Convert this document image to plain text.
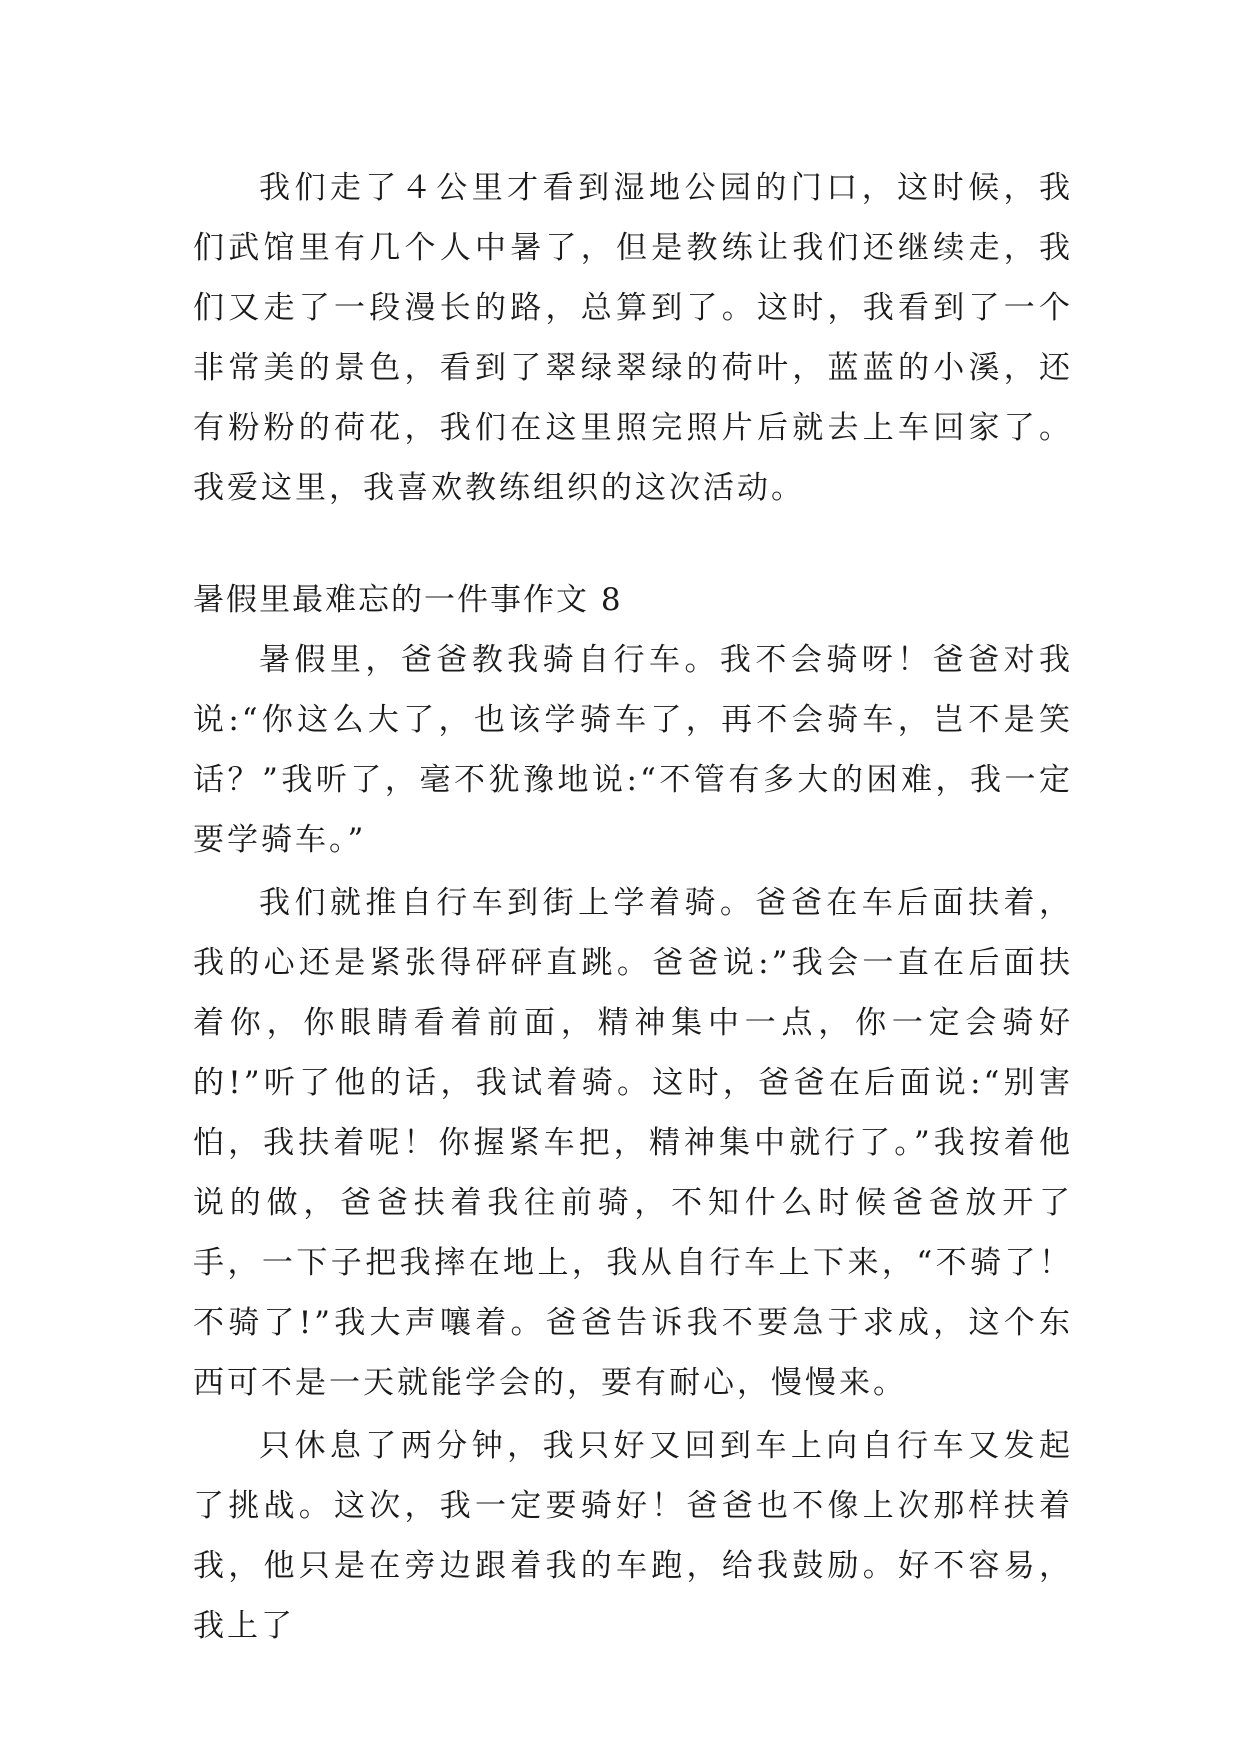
我们走了４公里才看到湿地公园的门口，这时候，我们武馆里有几个人中暑了，但是教练让我们还继续走，我们又走了一段漫长的路，总算到了。这时，我看到了一个非常美的景色，看到了翠绿翠绿的荷叶，蓝蓝的小溪，还有粉粉的荷花，我们在这里照完照片后就去上车回家了。我爱这里，我喜欢教练组织的这次活动。

暑假里最难忘的一件事作文 8

暑假里，爸爸教我骑自行车。我不会骑呀！爸爸对我说:“你这么大了，也该学骑车了，再不会骑车，岂不是笑话？”我听了，毫不犹豫地说:“不管有多大的困难，我一定要学骑车。”

我们就推自行车到街上学着骑。爸爸在车后面扶着，我的心还是紧张得砰砰直跳。爸爸说:”我会一直在后面扶着你，你眼睛看着前面，精神集中一点，你一定会骑好的!”听了他的话，我试着骑。这时，爸爸在后面说:“别害怕，我扶着呢！你握紧车把，精神集中就行了。”我按着他说的做，爸爸扶着我往前骑，不知什么时候爸爸放开了手，一下子把我摔在地上，我从自行车上下来，“不骑了！不骑了!”我大声嚷着。爸爸告诉我不要急于求成，这个东西可不是一天就能学会的，要有耐心，慢慢来。

只休息了两分钟，我只好又回到车上向自行车又发起了挑战。这次，我一定要骑好！爸爸也不像上次那样扶着我，他只是在旁边跟着我的车跑，给我鼓励。好不容易，我上了
